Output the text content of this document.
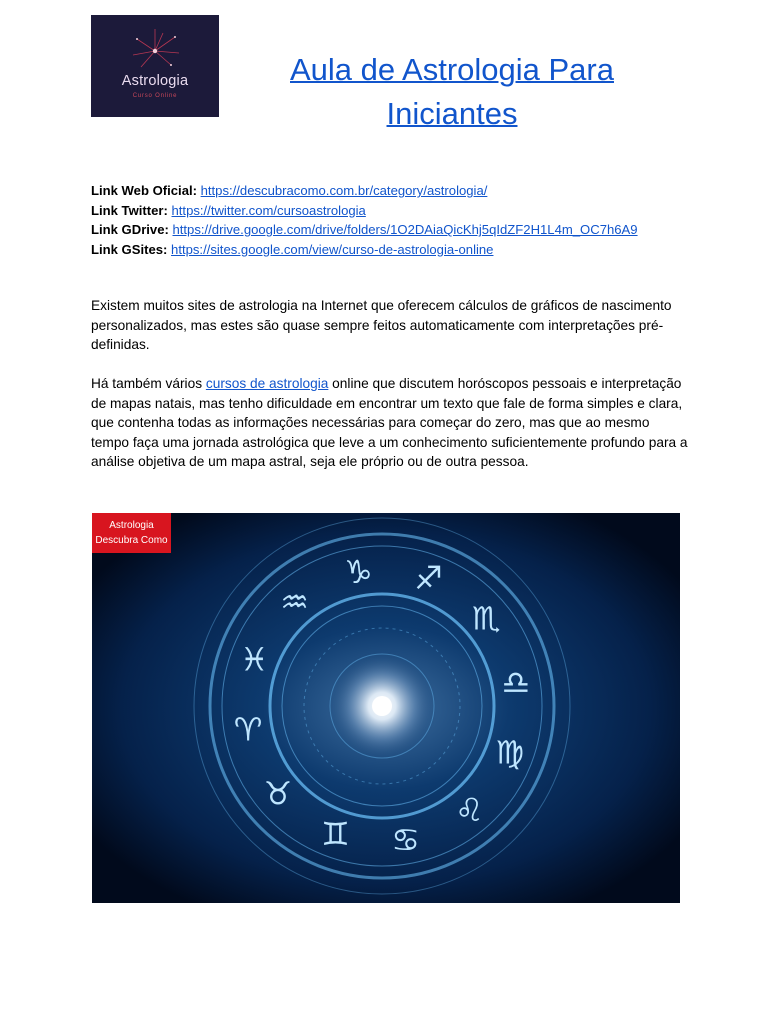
Astrologia
Curso Online
Aula de Astrologia Para
Iniciantes
Link Web Oficial: https://descubracomo.com.br/category/astrologia/
Link Twitter: https://twitter.com/cursoastrologia
Link GDrive: https://drive.google.com/drive/folders/1O2DAiaQicKhj5qIdZF2H1L4m_OC7h6A9
Link GSites: https://sites.google.com/view/curso-de-astrologia-online
Existem muitos sites de astrologia na Internet que oferecem cálculos de gráficos de nascimento personalizados, mas estes são quase sempre feitos automaticamente com interpretações pré-definidas.
Há também vários cursos de astrologia online que discutem horóscopos pessoais e interpretação de mapas natais, mas tenho dificuldade em encontrar um texto que fale de forma simples e clara, que contenha todas as informações necessárias para começar do zero, mas que ao mesmo tempo faça uma jornada astrológica que leve a um conhecimento suficientemente profundo para a análise objetiva de um mapa astral, seja ele próprio ou de outra pessoa.
♑ ♐
♏
♎
♍
♌
♋
♊
♉
♈
♓
♒
Astrologia
Descubra Como
